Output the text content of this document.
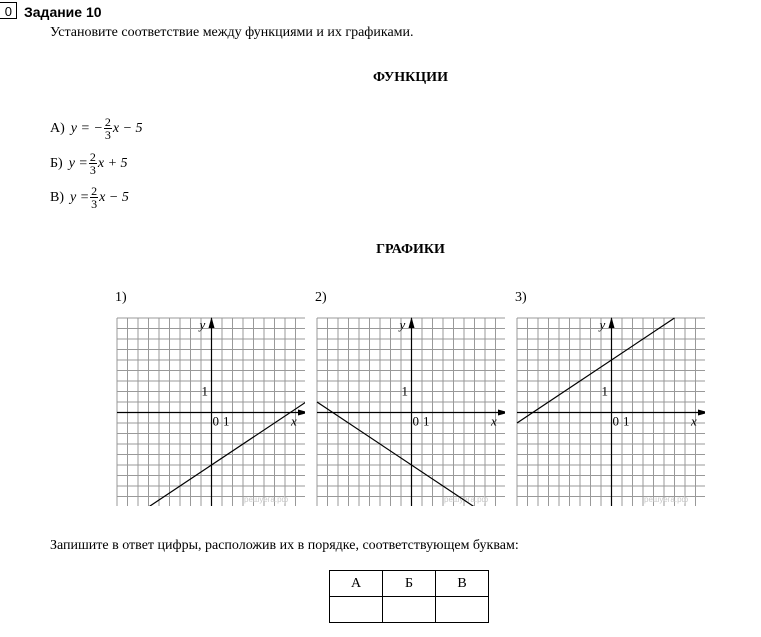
0 Задание 10
Установите соответствие между функциями и их графиками.
ФУНКЦИИ
А) y = − $\frac{2}{3}$ x − 5
Б) $y = \frac{2}{3}$ x + 5
В) $y = \frac{2}{3}$ x − 5
ГРАФИКИ
1)	2)	3)
y
x
0 1
1
решуега.рф
y
x
0 1
1
решуега.рф
y
x
0 1
1
решуега.рф
Запишите в ответ цифры, расположив их в порядке, соответствующем буквам:
А	Б	В
